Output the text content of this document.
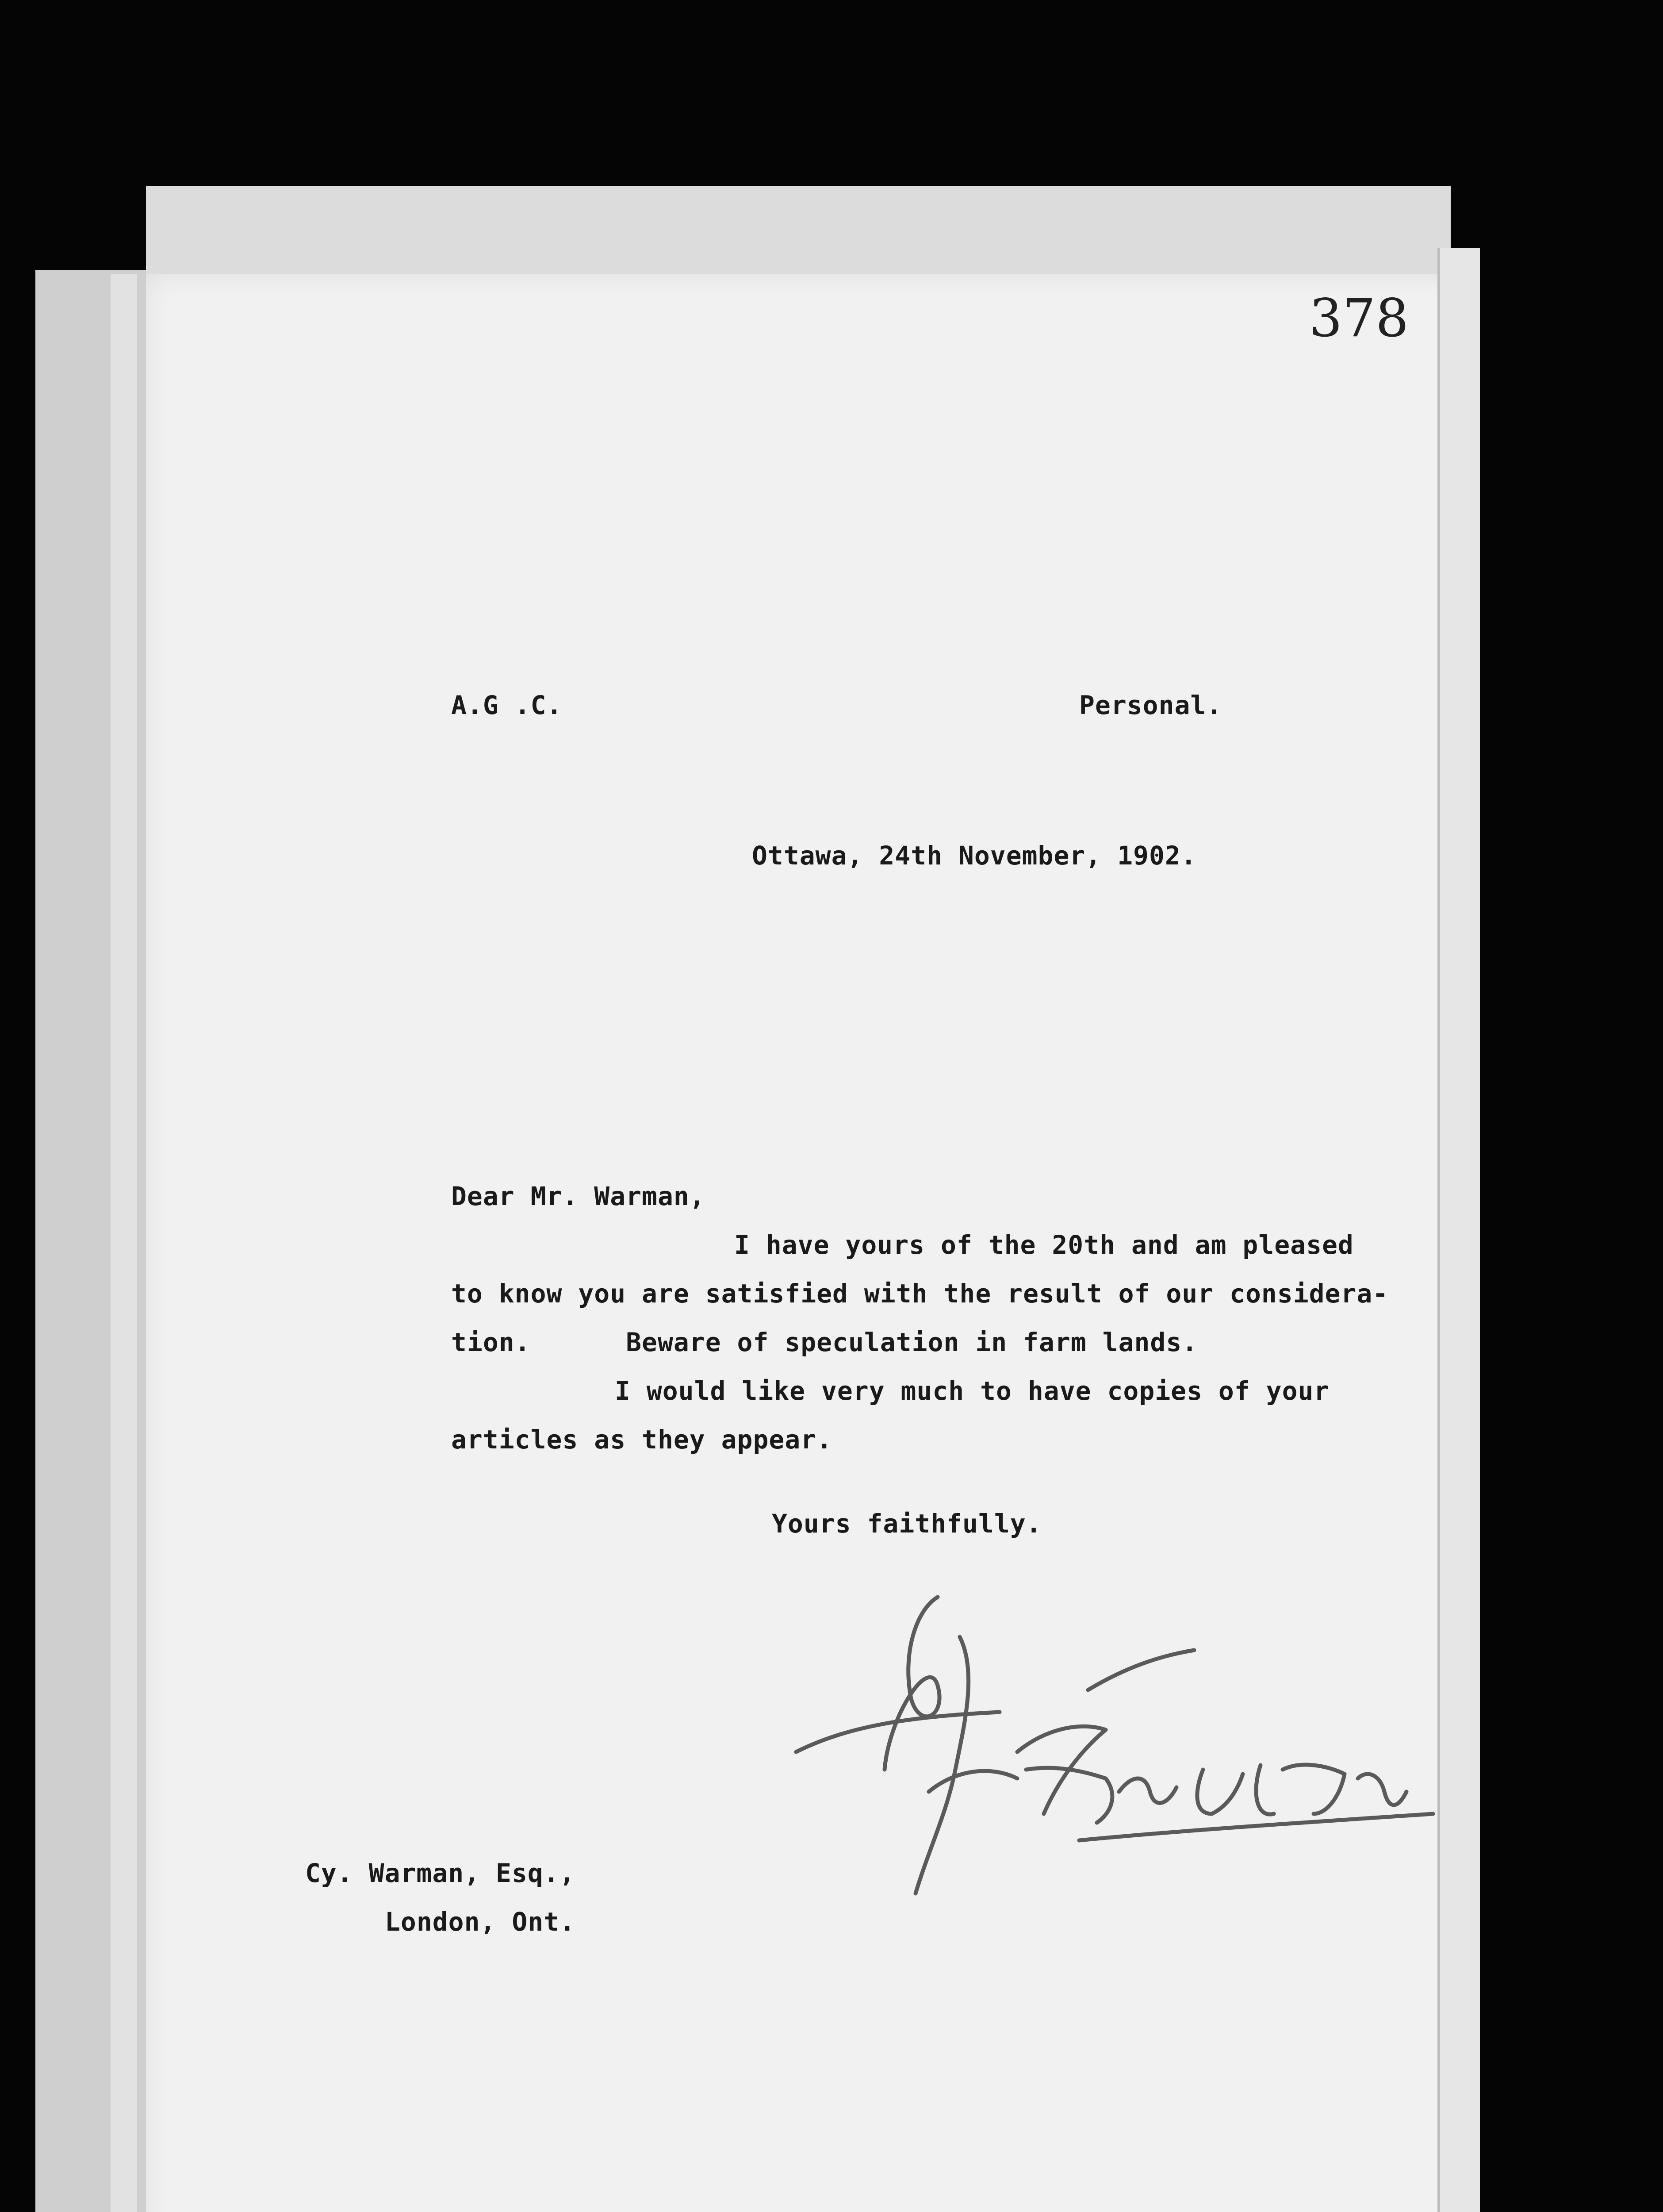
378
A.G .C.	Personal.
Ottawa, 24th November, 1902.
Dear Mr. Warman,
I have yours of the 20th and am pleased
to know you are satisfied with the result of our considera-
tion.      Beware of speculation in farm lands.
I would like very much to have copies of your
articles as they appear.
Yours faithfully.
Cy. Warman, Esq.,
London, Ont.
